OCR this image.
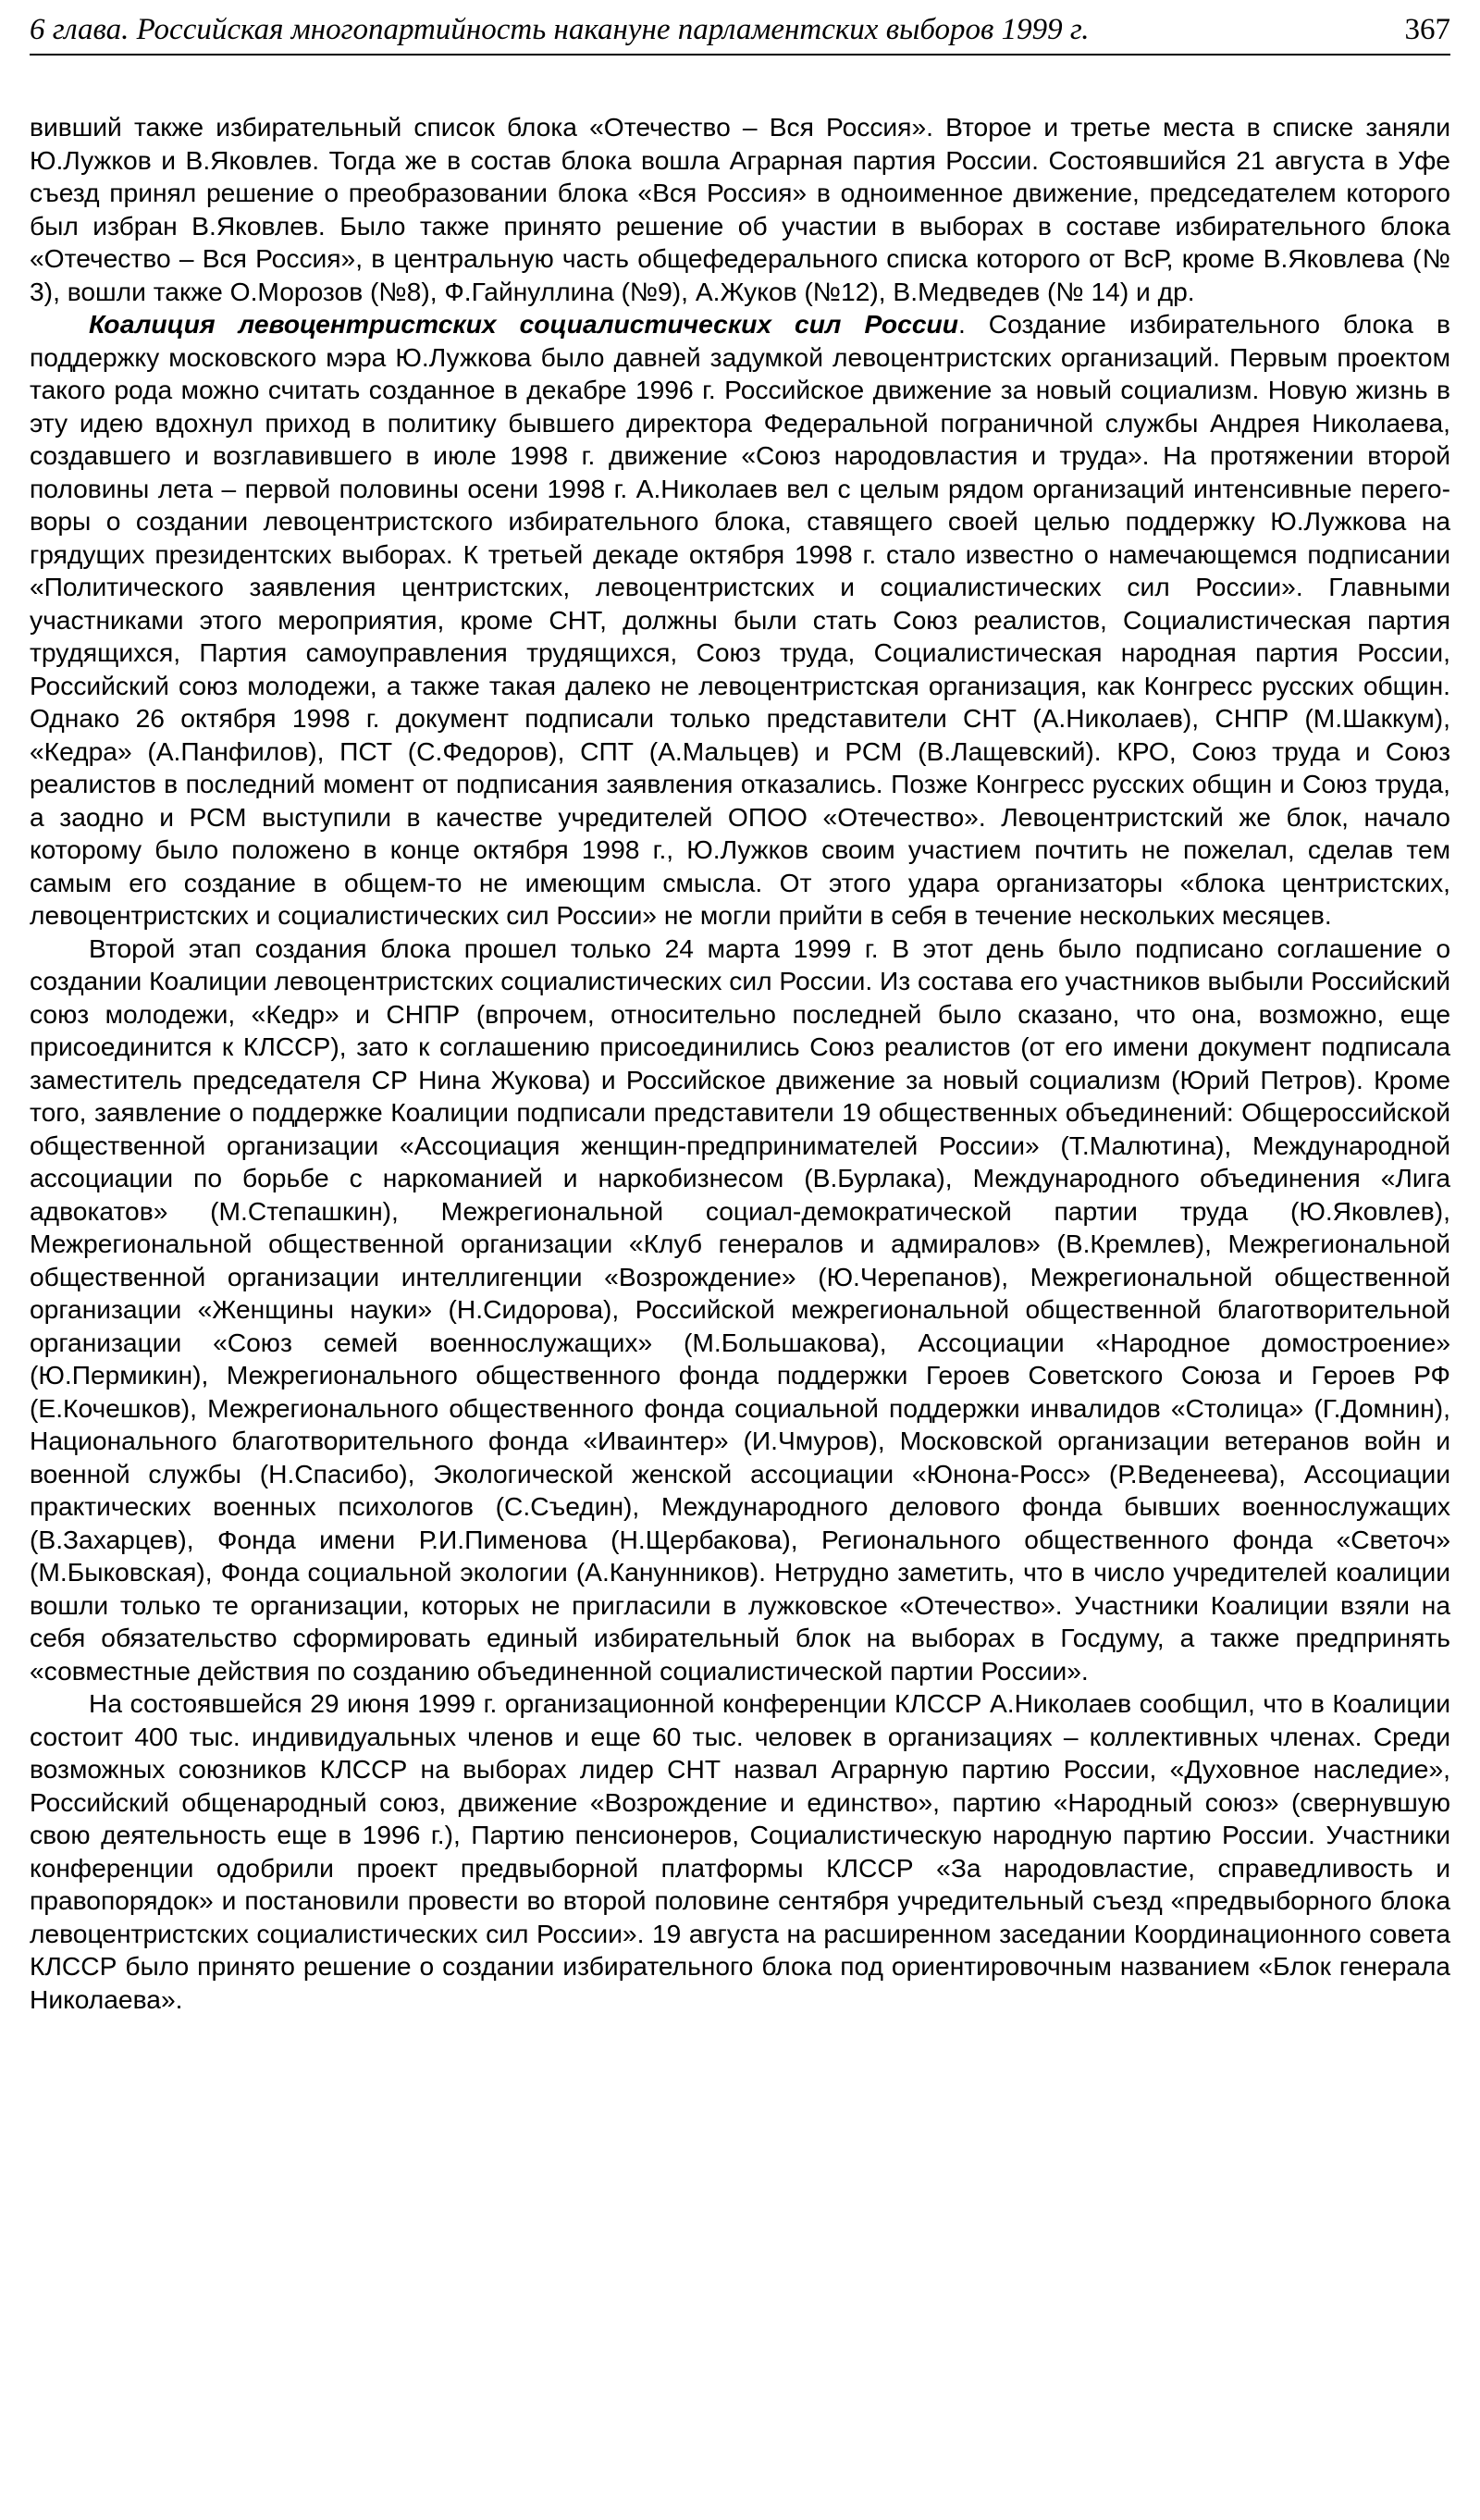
6 глава. Российская многопартийность накануне парламентских выборов 1999 г.	367

вивший также избирательный список блока «Отечество – Вся Россия». Второе и третье места в списке заняли Ю.Лужков и В.Яковлев. Тогда же в состав блока вошла Аграрная партия России. Состоявшийся 21 августа в Уфе съезд принял решение о преобразовании блока «Вся Россия» в одноименное движение, председателем которого был избран В.Яковлев. Было также принято решение об участии в выборах в составе избирательного блока «Отечество – Вся Россия», в центральную часть общефедерального списка которого от ВсР, кроме В.Яковлева (№ 3), вошли также О.Морозов (№8), Ф.Гайнуллина (№9), А.Жуков (№12), В.Медведев (№ 14) и др.

Коалиция левоцентристских социалистических сил России. Создание избирательного блока в поддержку московского мэра Ю.Лужкова было давней задумкой левоцентристских организаций. Первым проектом такого рода можно считать созданное в декабре 1996 г. Российское движение за новый социализм. Новую жизнь в эту идею вдохнул приход в политику бывшего директора Федеральной пограничной службы Андрея Николаева, создавшего и возглавившего в июле 1998 г. движение «Союз народовластия и труда». На протяжении второй половины лета – первой половины осени 1998 г. А.Николаев вел с целым рядом организаций интенсивные переговоры о создании левоцентристского избирательного блока, ставящего своей целью поддержку Ю.Лужкова на грядущих президентских выборах. К третьей декаде октября 1998 г. стало известно о намечающемся подписании «Политического заявления центристских, левоцентристских и социалистических сил России». Главными участниками этого мероприятия, кроме СНТ, должны были стать Союз реалистов, Социалистическая партия трудящихся, Партия самоуправления трудящихся, Союз труда, Социалистическая народная партия России, Российский союз молодежи, а также такая далеко не левоцентристская организация, как Конгресс русских общин. Однако 26 октября 1998 г. документ подписали только представители СНТ (А.Николаев), СНПР (М.Шаккум), «Кедра» (А.Панфилов), ПСТ (С.Федоров), СПТ (А.Мальцев) и РСМ (В.Лащевский). КРО, Союз труда и Союз реалистов в последний момент от подписания заявления отказались. Позже Конгресс русских общин и Союз труда, а заодно и РСМ выступили в качестве учредителей ОПОО «Отечество». Левоцентристский же блок, начало которому было положено в конце октября 1998 г., Ю.Лужков своим участием почтить не пожелал, сделав тем самым его создание в общем-то не имеющим смысла. От этого удара организаторы «блока центристских, левоцентристских и социалистических сил России» не могли прийти в себя в течение нескольких месяцев.

Второй этап создания блока прошел только 24 марта 1999 г. В этот день было подписано соглашение о создании Коалиции левоцентристских социалистических сил России. Из состава его участников выбыли Российский союз молодежи, «Кедр» и СНПР (впрочем, относительно последней было сказано, что она, возможно, еще присоединится к КЛССР), зато к соглашению присоединились Союз реалистов (от его имени документ подписала заместитель председателя СР Нина Жукова) и Российское движение за новый социализм (Юрий Петров). Кроме того, заявление о поддержке Коалиции подписали представители 19 общественных объединений: Общероссийской общественной организации «Ассоциация женщин-предпринимателей России» (Т.Малютина), Международной ассоциации по борьбе с наркоманией и наркобизнесом (В.Бурлака), Международного объединения «Лига адвокатов» (М.Степашкин), Межрегиональной социал-демократической партии труда (Ю.Яковлев), Межрегиональной общественной организации «Клуб генералов и адмиралов» (В.Кремлев), Межрегиональной общественной организации интеллигенции «Возрождение» (Ю.Черепанов), Межрегиональной общественной организации «Женщины науки» (Н.Сидорова), Российской межрегиональной общественной благотворительной организации «Союз семей военнослужащих» (М.Большакова), Ассоциации «Народное домостроение» (Ю.Пермикин), Межрегионального общественного фонда поддержки Героев Советского Союза и Героев РФ (Е.Кочешков), Межрегионального общественного фонда социальной поддержки инвалидов «Столица» (Г.Домнин), Национального благотворительного фонда «Иваинтер» (И.Чмуров), Московской организации ветеранов войн и военной службы (Н.Спасибо), Экологической женской ассоциации «Юнона-Росс» (Р.Веденеева), Ассоциации практических военных психологов (С.Съедин), Международного делового фонда бывших военнослужащих (В.Захарцев), Фонда имени Р.И.Пименова (Н.Щербакова), Регионального общественного фонда «Светоч» (М.Быковская), Фонда социальной экологии (А.Канунников). Нетрудно заметить, что в число учредителей коалиции вошли только те организации, которых не пригласили в лужковское «Отечество». Участники Коалиции взяли на себя обязательство сформировать единый избирательный блок на выборах в Госдуму, а также предпринять «совместные действия по созданию объединенной социалистической партии России».

На состоявшейся 29 июня 1999 г. организационной конференции КЛССР А.Николаев сообщил, что в Коалиции состоит 400 тыс. индивидуальных членов и еще 60 тыс. человек в организациях – коллективных членах. Среди возможных союзников КЛССР на выборах лидер СНТ назвал Аграрную партию России, «Духовное наследие», Российский общенародный союз, движение «Возрождение и единство», партию «Народный союз» (свернувшую свою деятельность еще в 1996 г.), Партию пенсионеров, Социалистическую народную партию России. Участники конференции одобрили проект предвыборной платформы КЛССР «За народовластие, справедливость и правопорядок» и постановили провести во второй половине сентября учредительный съезд «предвыборного блока левоцентристских социалистических сил России». 19 августа на расширенном заседании Координационного совета КЛССР было принято решение о создании избирательного блока под ориентировочным названием «Блок генерала Николаева».
